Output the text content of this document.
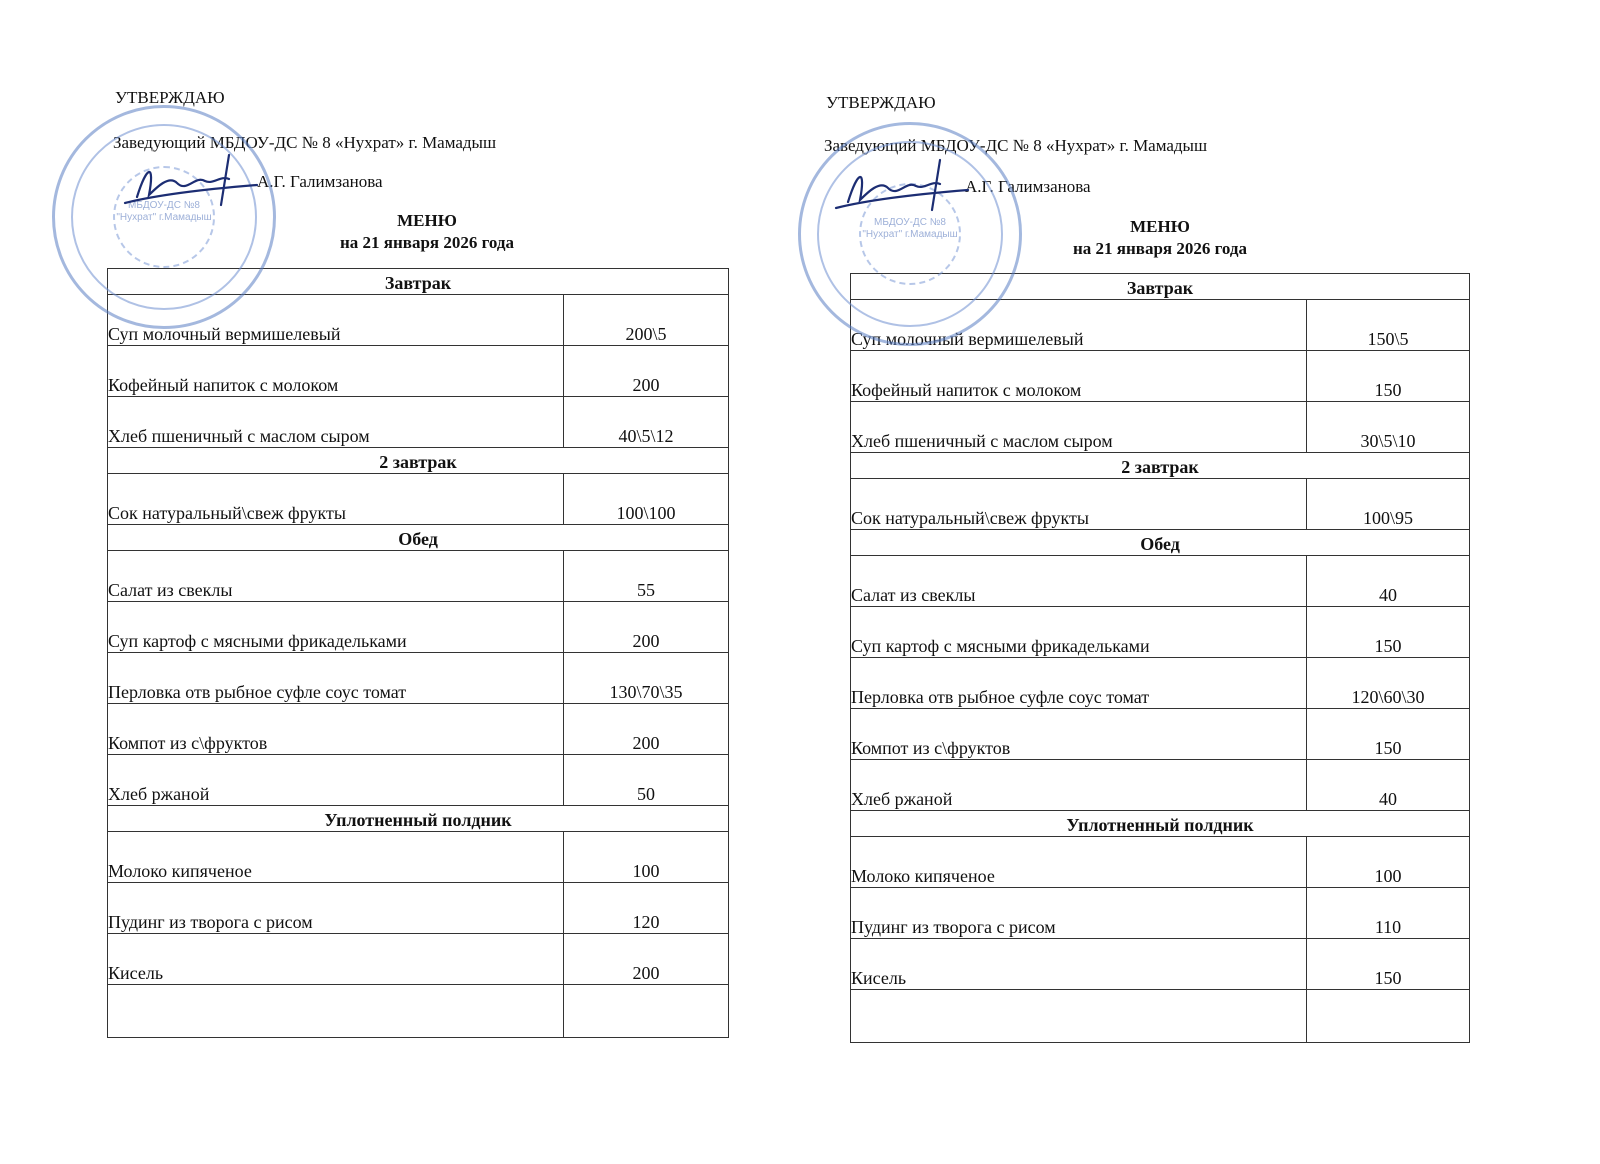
УТВЕРЖДАЮ
Заведующий МБДОУ-ДС № 8 «Нухрат» г. Мамадыш
А.Г. Галимзанова
МЕНЮ
на 21 января 2026 года
Завтрак	
Суп молочный вермишелевый	200\5
Кофейный напиток с молоком	200
Хлеб пшеничный с маслом сыром	40\5\12
2 завтрак	
Сок натуральный\свеж фрукты	100\100
Обед	
Салат из свеклы	55
Суп картоф с мясными фрикадельками	200
Перловка отв рыбное суфле соус томат	130\70\35
Компот из с\фруктов	200
Хлеб ржаной	50
Уплотненный полдник	
Молоко кипяченое	100
Пудинг из творога с рисом	120
Кисель	200

МБДОУ-ДС №8
"Нухрат" г.Мамадыш
УТВЕРЖДАЮ
Заведующий МБДОУ-ДС № 8 «Нухрат» г. Мамадыш
А.Г. Галимзанова
МЕНЮ
на 21 января 2026 года
Завтрак	
Суп молочный вермишелевый	150\5
Кофейный напиток с молоком	150
Хлеб пшеничный с маслом сыром	30\5\10
2 завтрак	
Сок натуральный\свеж фрукты	100\95
Обед	
Салат из свеклы	40
Суп картоф с мясными фрикадельками	150
Перловка отв рыбное суфле соус томат	120\60\30
Компот из с\фруктов	150
Хлеб ржаной	40
Уплотненный полдник	
Молоко кипяченое	100
Пудинг из творога с рисом	110
Кисель	150

МБДОУ-ДС №8
"Нухрат" г.Мамадыш
